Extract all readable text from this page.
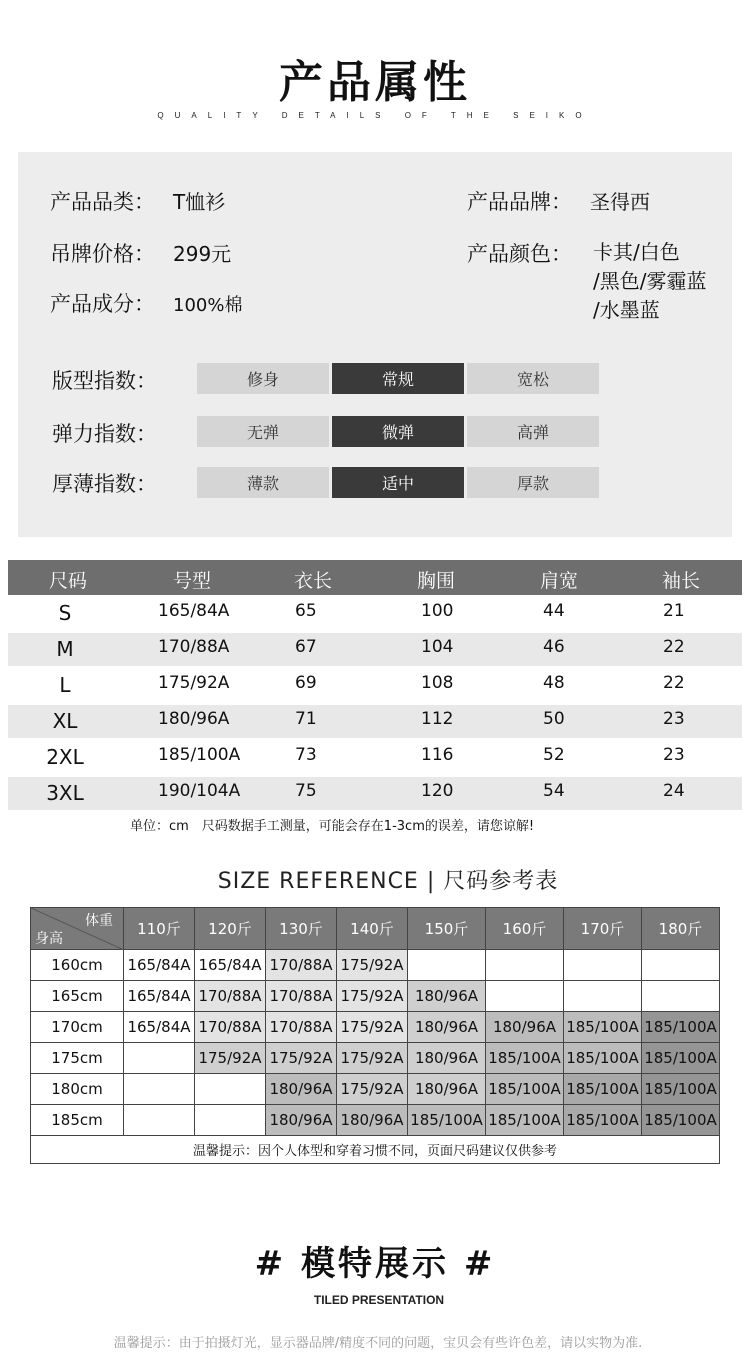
产品属性
QUALITY DETAILS OF THE SEIKO
产品品类： T恤衫
吊牌价格： 299元
产品成分： 100%棉
产品品牌： 圣得西
产品颜色： 卡其/白色
/黑色/雾霾蓝
/水墨蓝
版型指数：	修身	常规	宽松
弹力指数：	无弹	微弹	高弹
厚薄指数：	薄款	适中	厚款
尺码	号型	衣长	胸围	肩宽	袖长
S	165/84A	65	100	44	21
M	170/88A	67	104	46	22
L	175/92A	69	108	48	22
XL	180/96A	71	112	50	23
2XL	185/100A	73	116	52	23
3XL	190/104A	75	120	54	24
单位：cm　尺码数据手工测量，可能会存在1-3cm的误差，请您谅解!
SIZE REFERENCE | 尺码参考表
体重
身高	110斤	120斤	130斤	140斤	150斤	160斤	170斤	180斤
160cm	165/84A	165/84A	170/88A	175/92A				
165cm	165/84A	170/88A	170/88A	175/92A	180/96A			
170cm	165/84A	170/88A	170/88A	175/92A	180/96A	180/96A	185/100A	185/100A
175cm		175/92A	175/92A	175/92A	180/96A	185/100A	185/100A	185/100A
180cm			180/96A	175/92A	180/96A	185/100A	185/100A	185/100A
185cm			180/96A	180/96A	185/100A	185/100A	185/100A	185/100A
温馨提示：因个人体型和穿着习惯不同，页面尺码建议仅供参考								
# 模特展示 #
TILED PRESENTATION
温馨提示：由于拍摄灯光，显示器品牌/精度不同的问题，宝贝会有些许色差，请以实物为准.
